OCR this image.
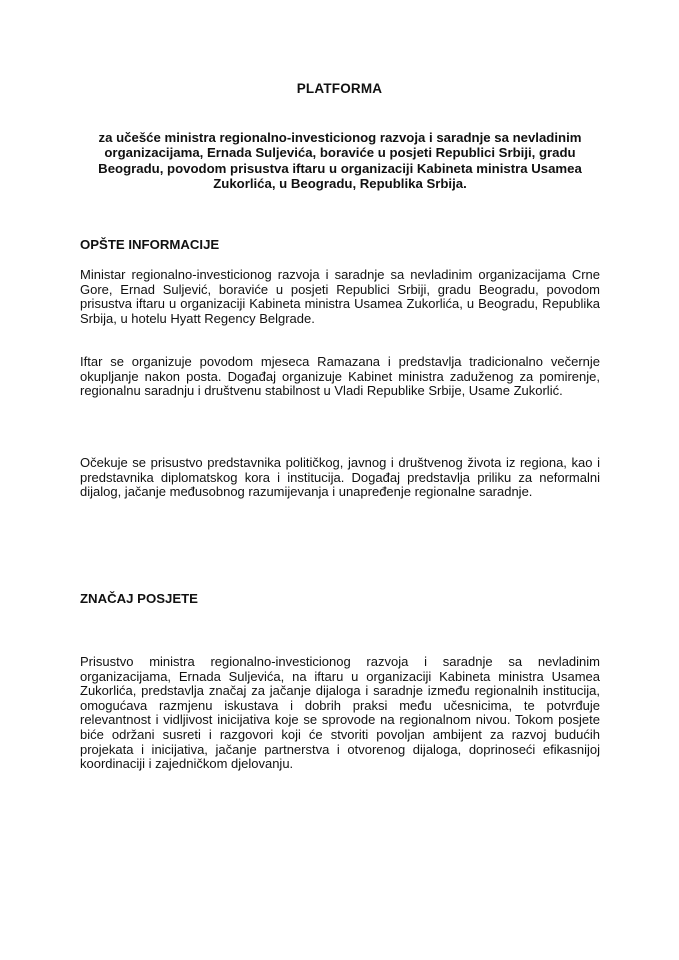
PLATFORMA
za učešće ministra regionalno-investicionog razvoja i saradnje sa nevladinim organizacijama, Ernada Suljevića, boraviće u posjeti Republici Srbiji, gradu Beogradu, povodom prisustva iftaru u organizaciji Kabineta ministra Usamea Zukorlića, u Beogradu, Republika Srbija.
OPŠTE INFORMACIJE
Ministar regionalno-investicionog razvoja i saradnje sa nevladinim organizacijama Crne Gore, Ernad Suljević, boraviće u posjeti Republici Srbiji, gradu Beogradu, povodom prisustva iftaru u organizaciji Kabineta ministra Usamea Zukorlića, u Beogradu, Republika Srbija, u hotelu Hyatt Regency Belgrade.
Iftar se organizuje povodom mjeseca Ramazana i predstavlja tradicionalno večernje okupljanje nakon posta. Događaj organizuje Kabinet ministra zaduženog za pomirenje, regionalnu saradnju i društvenu stabilnost u Vladi Republike Srbije, Usame Zukorlić.
Očekuje se prisustvo predstavnika političkog, javnog i društvenog života iz regiona, kao i predstavnika diplomatskog kora i institucija. Događaj predstavlja priliku za neformalni dijalog, jačanje međusobnog razumijevanja i unapređenje regionalne saradnje.
ZNAČAJ POSJETE
Prisustvo ministra regionalno-investicionog razvoja i saradnje sa nevladinim organizacijama, Ernada Suljevića, na iftaru u organizaciji Kabineta ministra Usamea Zukorlića, predstavlja značaj za jačanje dijaloga i saradnje između regionalnih institucija, omogućava razmjenu iskustava i dobrih praksi među učesnicima, te potvrđuje relevantnost i vidljivost inicijativa koje se sprovode na regionalnom nivou. Tokom posjete biće održani susreti i razgovori koji će stvoriti povoljan ambijent za razvoj budućih projekata i inicijativa, jačanje partnerstva i otvorenog dijaloga, doprinoseći efikasnijoj koordinaciji i zajedničkom djelovanju.
